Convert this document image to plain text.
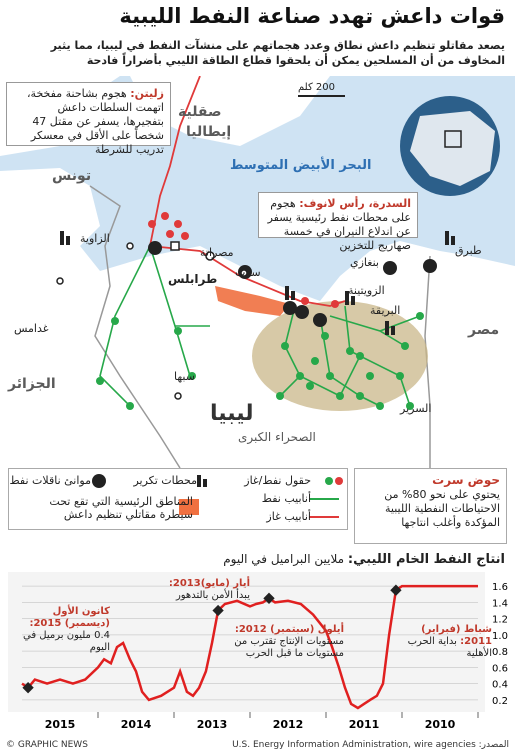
قوات داعش تهدد صناعة النفط الليبية
يصعد مقاتلو تنظيم داعش نطاق وعدد هجماتهم على منشآت النفط في ليبيا، مما يثير المخاوف من أن المسلحين يمكن أن يلحقوا قطاع الطاقة الليبي بأضراراً فادحة
صقلية
إيطاليا
البحر الأبيض المتوسط
200 كلم
تونس
الجزائر
مصر
ليبيا
الصحراء الكبرى
الزاوية
طرابلس
غدامس
مصراتة
سرت
سبها
بنغازي
الزويتينة
البريقة
طبرق
السرير
زليتن: هجوم بشاحنة مفخخة، اتهمت السلطات داعش بتفجيرها، يسفر عن مقتل 47 شخصاً على الأقل في معسكر تدريب للشرطة
السدرة، رأس لانوف: هجوم على محطات نفط رئيسية يسفر عن اندلاع النيران في خمسة صهاريج للتخزين
حقول نفط/غاز
أنابيب نفط
أنابيب غاز
محطات تكرير
موانئ ناقلات نفط
المناطق الرئيسية التي تقع تحت سيطرة مقاتلي تنظيم داعش
حوض سرت
يحتوي على نحو 80% من الاحتياطات النفطية الليبية المؤكدة وأغلب انتاجها
انتاج النفط الخام الليبي: ملايين البراميل في اليوم
0.2
0.4
0.6
0.8
1.0
1.2
1.4
1.6
2010
2011
2012
2013
2014
2015
شباط (فبراير) 2011: بداية الحرب الأهلية
أيلول (سبتمبر) 2012: مستويات الإنتاج تقترب من مستويات ما قبل الحرب
أيار (مايو)2013: يبدأ الأمن بالتدهور
كانون الأول (ديسمبر) 2015: 0.4 مليون برميل في اليوم
© GRAPHIC NEWS	U.S. Energy Information Administration, wire agencies :المصدر
